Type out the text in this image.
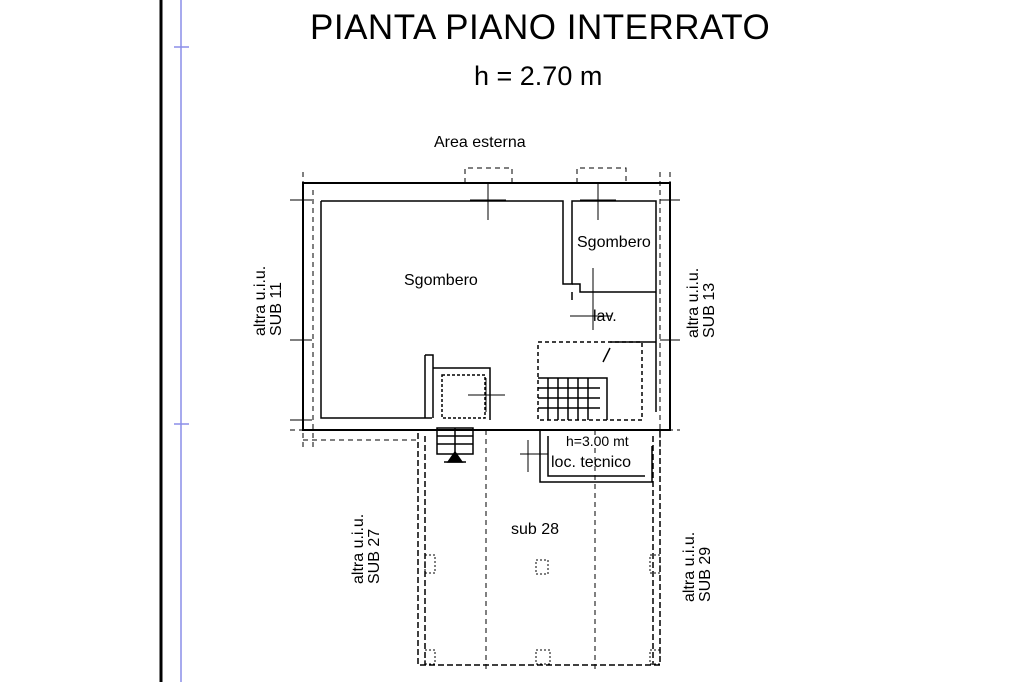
PIANTA PIANO INTERRATO
h = 2.70 m
Area esterna
Sgombero
Sgombero
lav.
h=3.00 mt
loc. tecnico
sub 28
altra u.i.u. SUB 11	altra u.i.u. SUB 13
altra u.i.u. SUB 27	altra u.i.u. SUB 29
